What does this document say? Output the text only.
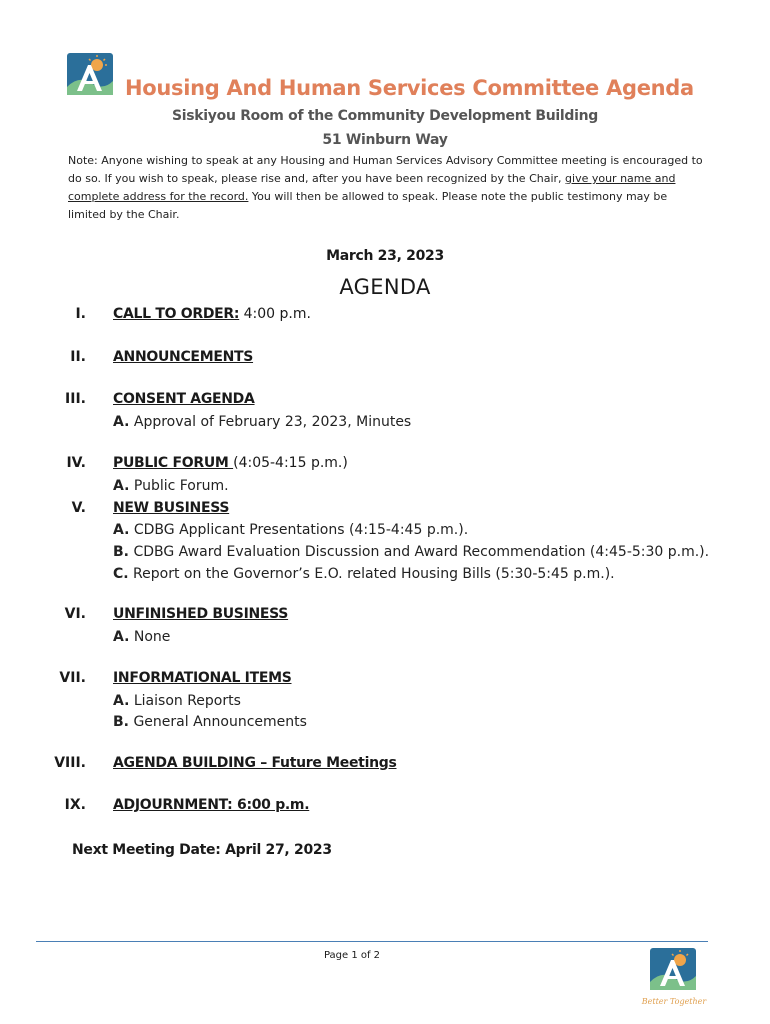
Housing And Human Services Committee Agenda
Siskiyou Room of the Community Development Building
51 Winburn Way
Note: Anyone wishing to speak at any Housing and Human Services Advisory Committee meeting is encouraged to do so. If you wish to speak, please rise and, after you have been recognized by the Chair, give your name and complete address for the record. You will then be allowed to speak. Please note the public testimony may be limited by the Chair.
March 23, 2023
AGENDA
I. CALL TO ORDER: 4:00 p.m.
II. ANNOUNCEMENTS
III. CONSENT AGENDA
A. Approval of February 23, 2023, Minutes
IV. PUBLIC FORUM (4:05-4:15 p.m.)
A. Public Forum.
V. NEW BUSINESS
A. CDBG Applicant Presentations (4:15-4:45 p.m.).
B. CDBG Award Evaluation Discussion and Award Recommendation (4:45-5:30 p.m.).
C. Report on the Governor’s E.O. related Housing Bills (5:30-5:45 p.m.).
VI. UNFINISHED BUSINESS
A. None
VII. INFORMATIONAL ITEMS
A. Liaison Reports
B. General Announcements
VIII. AGENDA BUILDING – Future Meetings
IX. ADJOURNMENT: 6:00 p.m.
Next Meeting Date: April 27, 2023
Page 1 of 2
Better Together
